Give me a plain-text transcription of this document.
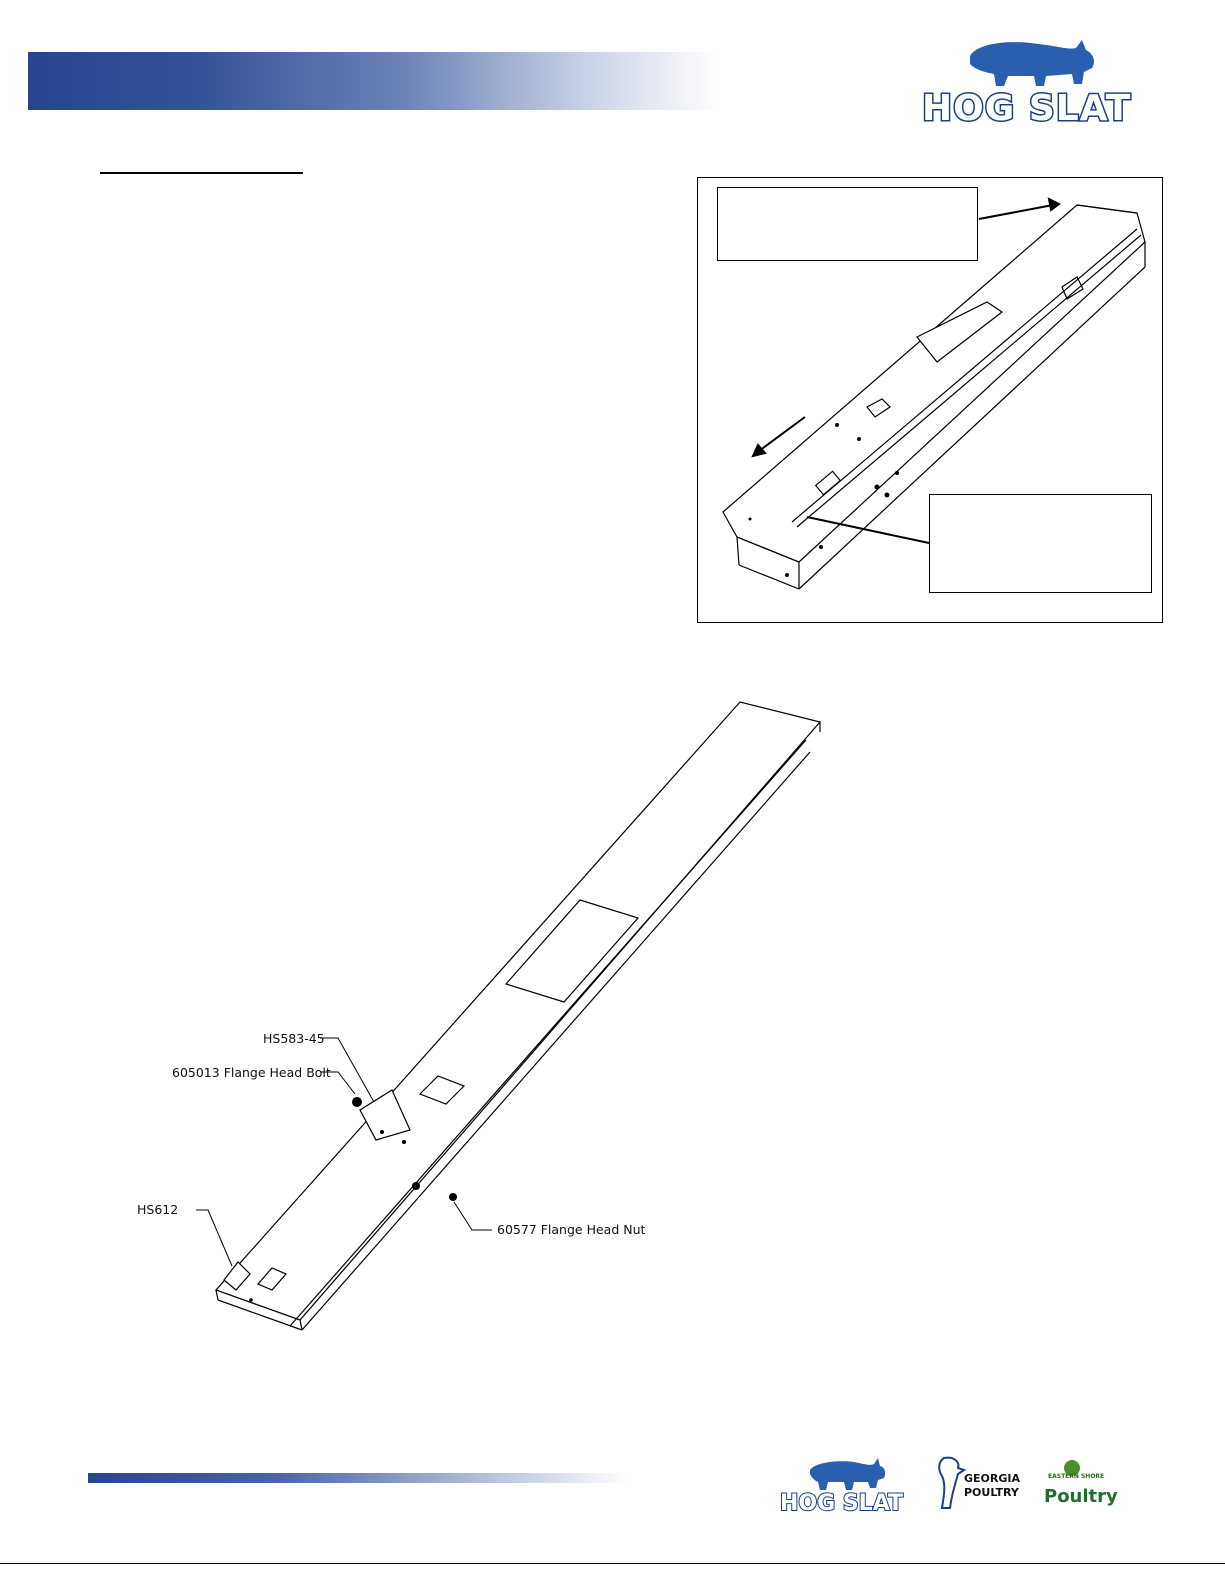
HOG SLAT
HS583-45
605013 Flange Head Bolt
HS612
60577 Flange Head Nut
HOG SLAT
GEORGIA
POULTRY
EASTERN SHORE
Poultry
